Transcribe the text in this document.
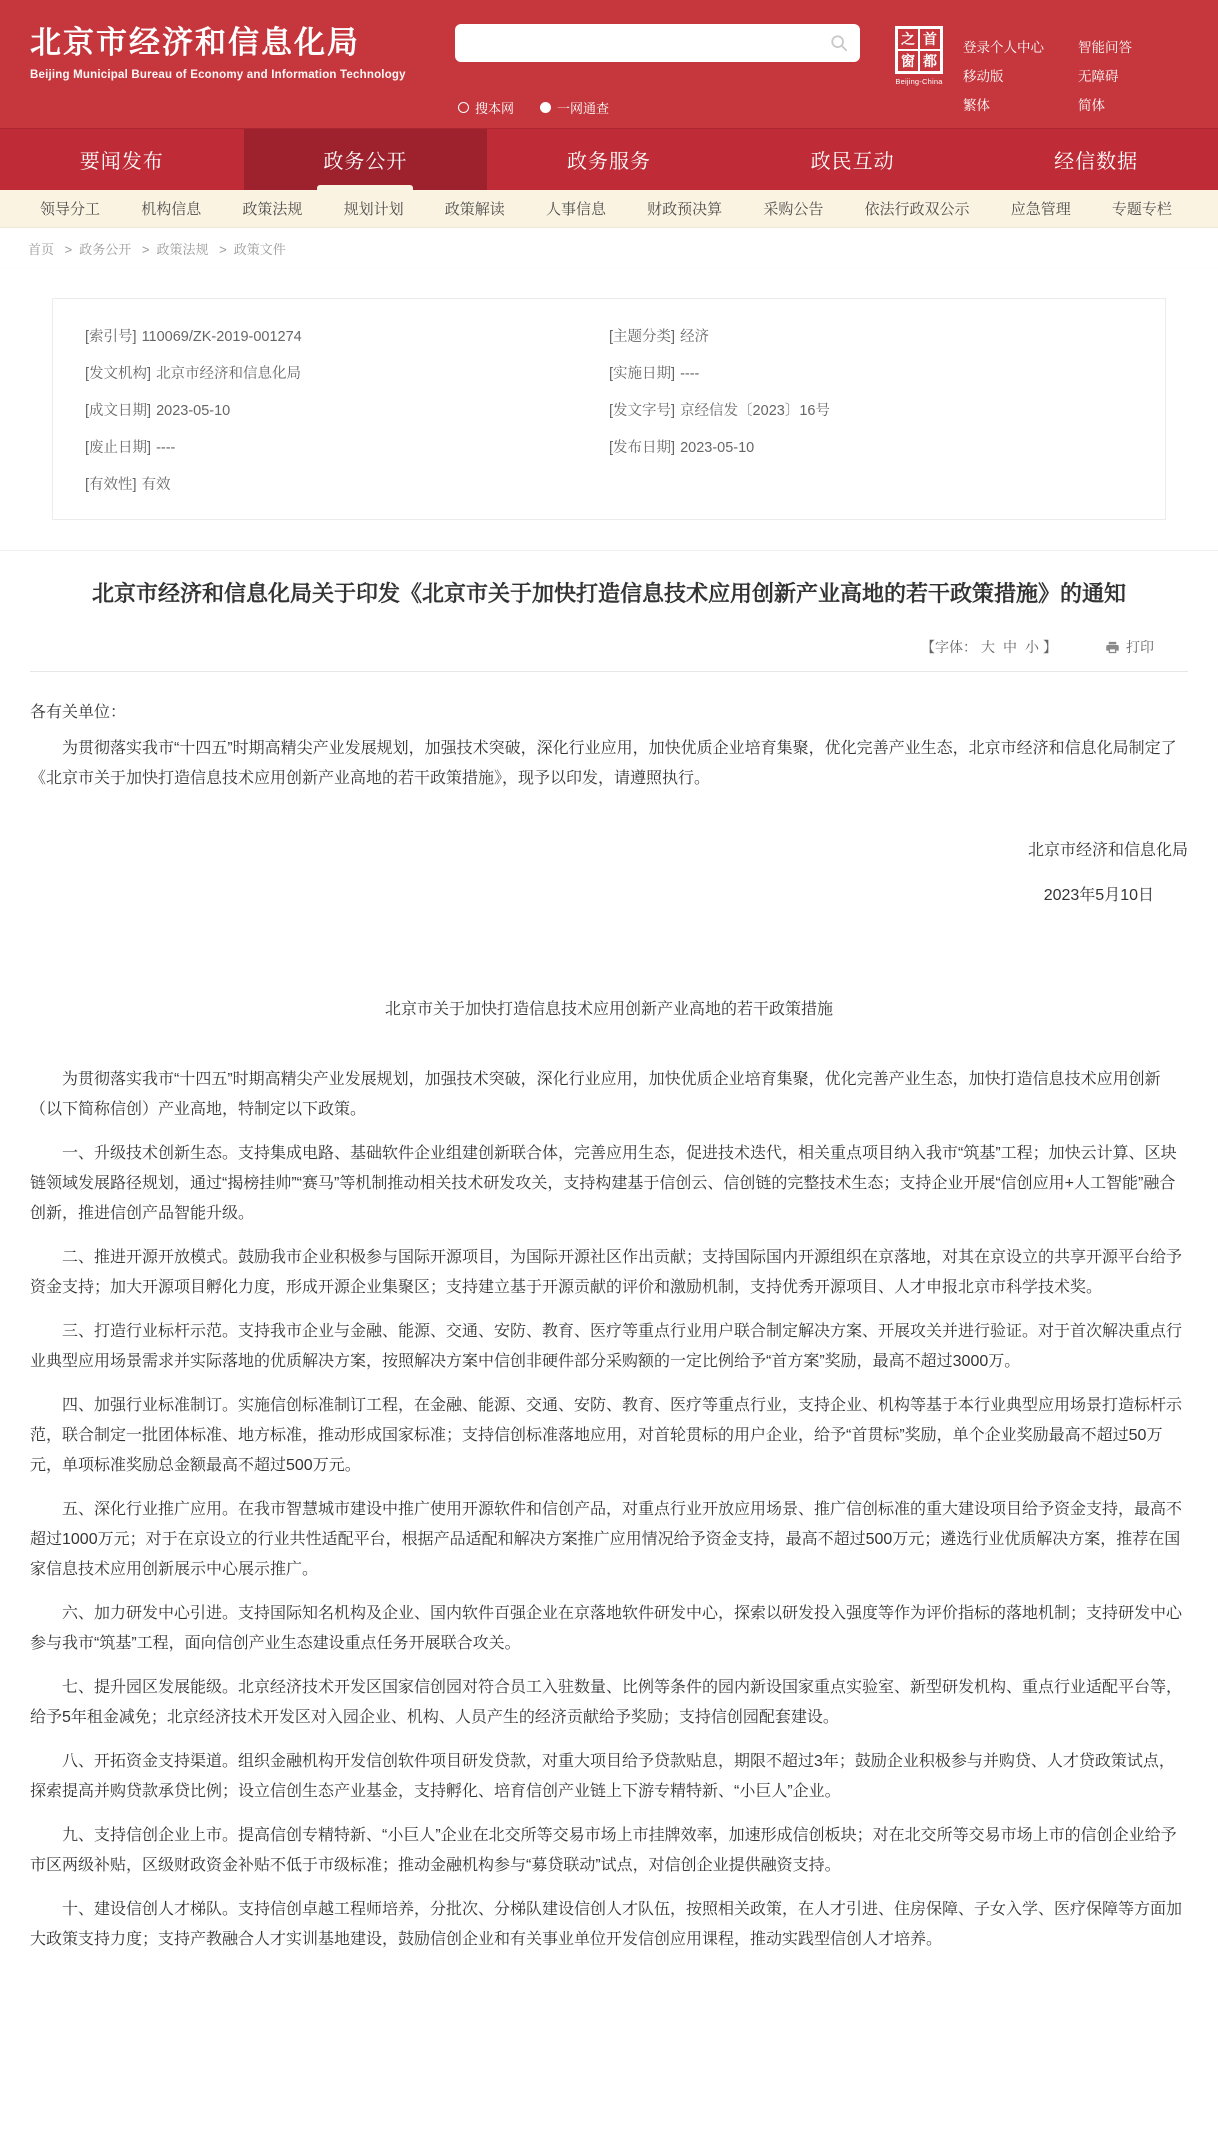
北京市经济和信息化局
Beijing Municipal Bureau of Economy and Information Technology
搜本网	一网通查
之 首
窗 都
Beijing-China
登录个人中心
移动版
繁体
智能问答
无障碍
简体
要闻发布	政务公开	政务服务	政民互动	经信数据
领导分工	机构信息	政策法规	规划计划	政策解读	人事信息	财政预决算	采购公告	依法行政双公示	应急管理	专题专栏
首页 > 政务公开 > 政策法规 > 政策文件
[索引号] 110069/ZK-2019-001274	[主题分类] 经济
[发文机构] 北京市经济和信息化局	[实施日期] ----
[成文日期] 2023-05-10	[发文字号] 京经信发〔2023〕16号
[废止日期] ----	[发布日期] 2023-05-10
[有效性] 有效
北京市经济和信息化局关于印发《北京市关于加快打造信息技术应用创新产业高地的若干政策措施》的通知
【字体： 大 中 小 】	打印

各有关单位：

为贯彻落实我市“十四五”时期高精尖产业发展规划，加强技术突破，深化行业应用，加快优质企业培育集聚，优化完善产业生态，北京市经济和信息化局制定了《北京市关于加快打造信息技术应用创新产业高地的若干政策措施》，现予以印发，请遵照执行。

北京市经济和信息化局

2023年5月10日

北京市关于加快打造信息技术应用创新产业高地的若干政策措施

为贯彻落实我市“十四五”时期高精尖产业发展规划，加强技术突破，深化行业应用，加快优质企业培育集聚，优化完善产业生态，加快打造信息技术应用创新（以下简称信创）产业高地，特制定以下政策。

一、升级技术创新生态。支持集成电路、基础软件企业组建创新联合体，完善应用生态，促进技术迭代，相关重点项目纳入我市“筑基”工程；加快云计算、区块链领域发展路径规划，通过“揭榜挂帅”“赛马”等机制推动相关技术研发攻关，支持构建基于信创云、信创链的完整技术生态；支持企业开展“信创应用+人工智能”融合创新，推进信创产品智能升级。

二、推进开源开放模式。鼓励我市企业积极参与国际开源项目，为国际开源社区作出贡献；支持国际国内开源组织在京落地，对其在京设立的共享开源平台给予资金支持；加大开源项目孵化力度，形成开源企业集聚区；支持建立基于开源贡献的评价和激励机制，支持优秀开源项目、人才申报北京市科学技术奖。

三、打造行业标杆示范。支持我市企业与金融、能源、交通、安防、教育、医疗等重点行业用户联合制定解决方案、开展攻关并进行验证。对于首次解决重点行业典型应用场景需求并实际落地的优质解决方案，按照解决方案中信创非硬件部分采购额的一定比例给予“首方案”奖励，最高不超过3000万。

四、加强行业标准制订。实施信创标准制订工程，在金融、能源、交通、安防、教育、医疗等重点行业，支持企业、机构等基于本行业典型应用场景打造标杆示范，联合制定一批团体标准、地方标准，推动形成国家标准；支持信创标准落地应用，对首轮贯标的用户企业，给予“首贯标”奖励，单个企业奖励最高不超过50万元，单项标准奖励总金额最高不超过500万元。

五、深化行业推广应用。在我市智慧城市建设中推广使用开源软件和信创产品，对重点行业开放应用场景、推广信创标准的重大建设项目给予资金支持，最高不超过1000万元；对于在京设立的行业共性适配平台，根据产品适配和解决方案推广应用情况给予资金支持，最高不超过500万元；遴选行业优质解决方案，推荐在国家信息技术应用创新展示中心展示推广。

六、加力研发中心引进。支持国际知名机构及企业、国内软件百强企业在京落地软件研发中心，探索以研发投入强度等作为评价指标的落地机制；支持研发中心参与我市“筑基”工程，面向信创产业生态建设重点任务开展联合攻关。

七、提升园区发展能级。北京经济技术开发区国家信创园对符合员工入驻数量、比例等条件的园内新设国家重点实验室、新型研发机构、重点行业适配平台等，给予5年租金减免；北京经济技术开发区对入园企业、机构、人员产生的经济贡献给予奖励；支持信创园配套建设。

八、开拓资金支持渠道。组织金融机构开发信创软件项目研发贷款，对重大项目给予贷款贴息，期限不超过3年；鼓励企业积极参与并购贷、人才贷政策试点，探索提高并购贷款承贷比例；设立信创生态产业基金，支持孵化、培育信创产业链上下游专精特新、“小巨人”企业。

九、支持信创企业上市。提高信创专精特新、“小巨人”企业在北交所等交易市场上市挂牌效率，加速形成信创板块；对在北交所等交易市场上市的信创企业给予市区两级补贴，区级财政资金补贴不低于市级标准；推动金融机构参与“募贷联动”试点，对信创企业提供融资支持。

十、建设信创人才梯队。支持信创卓越工程师培养，分批次、分梯队建设信创人才队伍，按照相关政策，在人才引进、住房保障、子女入学、医疗保障等方面加大政策支持力度；支持产教融合人才实训基地建设，鼓励信创企业和有关事业单位开发信创应用课程，推动实践型信创人才培养。
